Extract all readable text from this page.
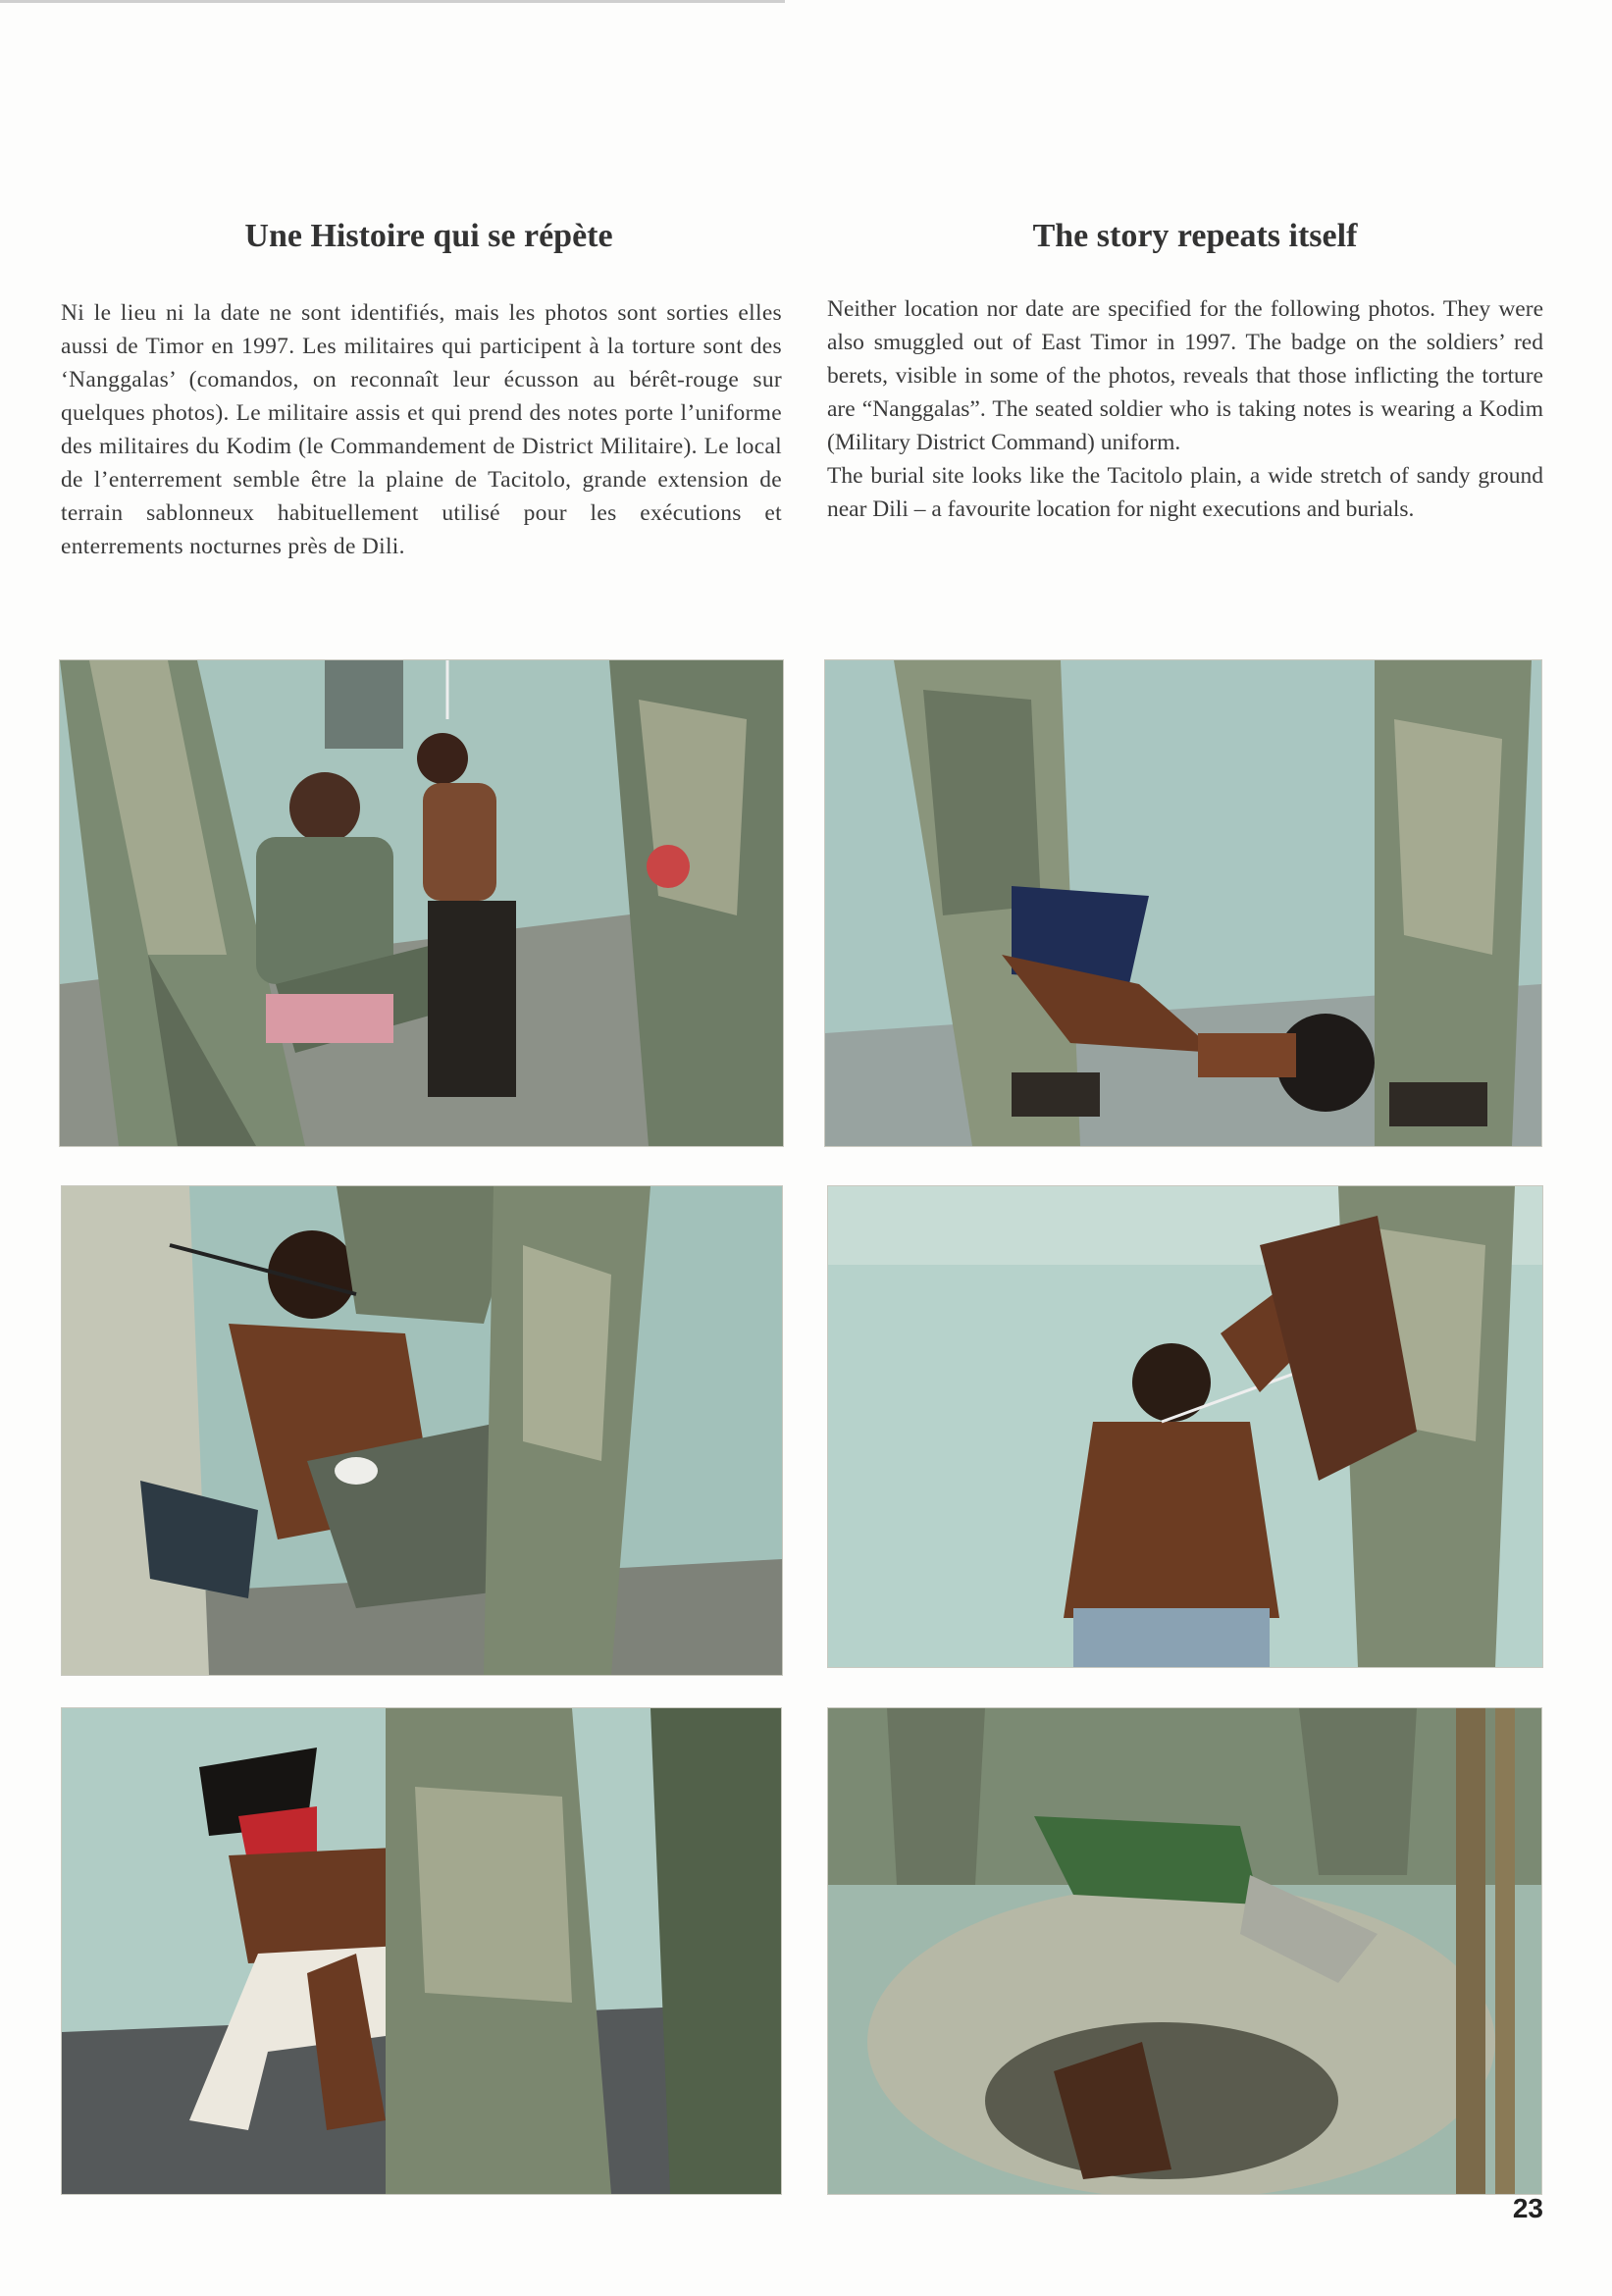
Une Histoire qui se répète	The story repeats itself

Ni le lieu ni la date ne sont identifiés, mais les photos sont sorties elles aussi de Timor en 1997. Les militaires qui participent à la torture sont des ‘Nanggalas’ (comandos, on reconnaît leur écusson au bérêt-rouge sur quelques photos). Le militaire assis et qui prend des notes porte l’uniforme des militaires du Kodim (le Commandement de District Militaire). Le local de l’enterrement semble être la plaine de Tacitolo, grande extension de terrain sablonneux habituellement utilisé pour les exécutions et enterrements nocturnes près de Dili.

Neither location nor date are specified for the following photos. They were also smuggled out of East Timor in 1997. The badge on the soldiers’ red berets, visible in some of the photos, reveals that those inflicting the torture are “Nanggalas”. The seated soldier who is taking notes is wearing a Kodim (Military District Command) uniform.

The burial site looks like the Tacitolo plain, a wide stretch of sandy ground near Dili – a favourite location for night executions and burials.

23
